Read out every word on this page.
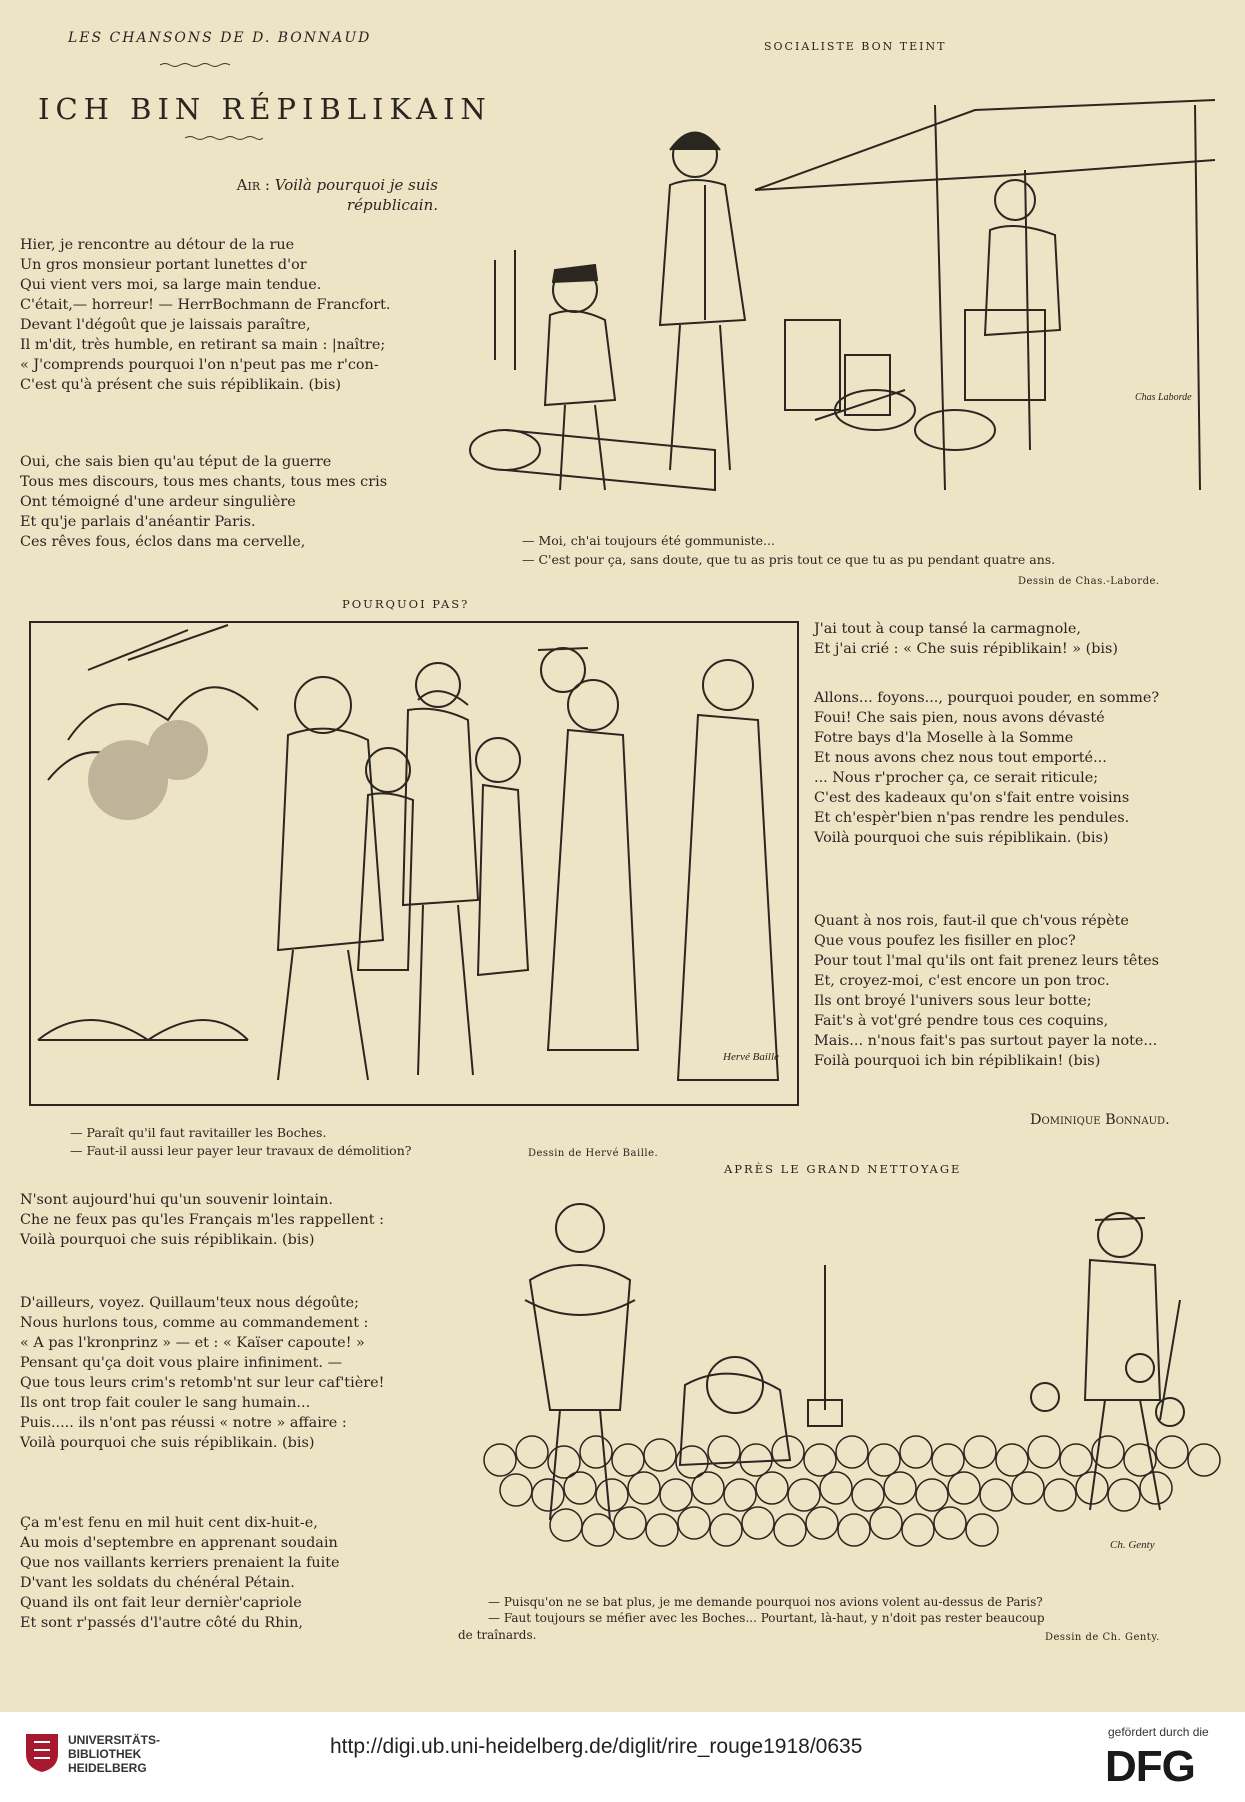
LES CHANSONS DE D. BONNAUD
SOCIALISTE BON TEINT
ICH BIN RÉPIBLIKAIN
Air : Voilà pourquoi je suis
républicain.
Hier, je rencontre au détour de la rue
Un gros monsieur portant lunettes d'or
Qui vient vers moi, sa large main tendue.
C'était,— horreur! — HerrBochmann de Francfort.
Devant l'dégoût que je laissais paraître,
Il m'dit, très humble, en retirant sa main : |naître;
« J'comprends pourquoi l'on n'peut pas me r'con-
C'est qu'à présent che suis répiblikain. (bis)
Oui, che sais bien qu'au téput de la guerre
Tous mes discours, tous mes chants, tous mes cris
Ont témoigné d'une ardeur singulière
Et qu'je parlais d'anéantir Paris.
Ces rêves fous, éclos dans ma cervelle,
Chas Laborde
— Moi, ch'ai toujours été gommuniste...
— C'est pour ça, sans doute, que tu as pris tout ce que tu as pu pendant quatre ans.
Dessin de Chas.-Laborde.
POURQUOI PAS?
Hervé Baille
— Paraît qu'il faut ravitailler les Boches.
— Faut-il aussi leur payer leur travaux de démolition?	Dessin de Hervé Baille.
J'ai tout à coup tansé la carmagnole,
Et j'ai crié : « Che suis répiblikain! » (bis)
Allons... foyons..., pourquoi pouder, en somme?
Foui! Che sais pien, nous avons dévasté
Fotre bays d'la Moselle à la Somme
Et nous avons chez nous tout emporté...
... Nous r'procher ça, ce serait riticule;
C'est des kadeaux qu'on s'fait entre voisins
Et ch'espèr'bien n'pas rendre les pendules.
Voilà pourquoi che suis répiblikain. (bis)
Quant à nos rois, faut-il que ch'vous répète
Que vous poufez les fisiller en ploc?
Pour tout l'mal qu'ils ont fait prenez leurs têtes
Et, croyez-moi, c'est encore un pon troc.
Ils ont broyé l'univers sous leur botte;
Fait's à vot'gré pendre tous ces coquins,
Mais... n'nous fait's pas surtout payer la note...
Foilà pourquoi ich bin répiblikain! (bis)
Dominique Bonnaud.
APRÈS LE GRAND NETTOYAGE
N'sont aujourd'hui qu'un souvenir lointain.
Che ne feux pas qu'les Français m'les rappellent :
Voilà pourquoi che suis répiblikain. (bis)
D'ailleurs, voyez. Quillaum'teux nous dégoûte;
Nous hurlons tous, comme au commandement :
« A pas l'kronprinz » — et : « Kaïser capoute! »
Pensant qu'ça doit vous plaire infiniment. —
Que tous leurs crim's retomb'nt sur leur caf'tière!
Ils ont trop fait couler le sang humain...
Puis..... ils n'ont pas réussi « notre » affaire :
Voilà pourquoi che suis répiblikain. (bis)
Ça m'est fenu en mil huit cent dix-huit-e,
Au mois d'septembre en apprenant soudain
Que nos vaillants kerriers prenaient la fuite
D'vant les soldats du chénéral Pétain.
Quand ils ont fait leur dernièr'capriole
Et sont r'passés d'l'autre côté du Rhin,
Ch. Genty
— Puisqu'on ne se bat plus, je me demande pourquoi nos avions volent au-dessus de Paris?
— Faut toujours se méfier avec les Boches... Pourtant, là-haut, y n'doit pas rester beaucoup
de traînards.	Dessin de Ch. Genty.
UNIVERSITÄTS-
BIBLIOTHEK
HEIDELBERG
http://digi.ub.uni-heidelberg.de/diglit/rire_rouge1918/0635
gefördert durch die
DFG
